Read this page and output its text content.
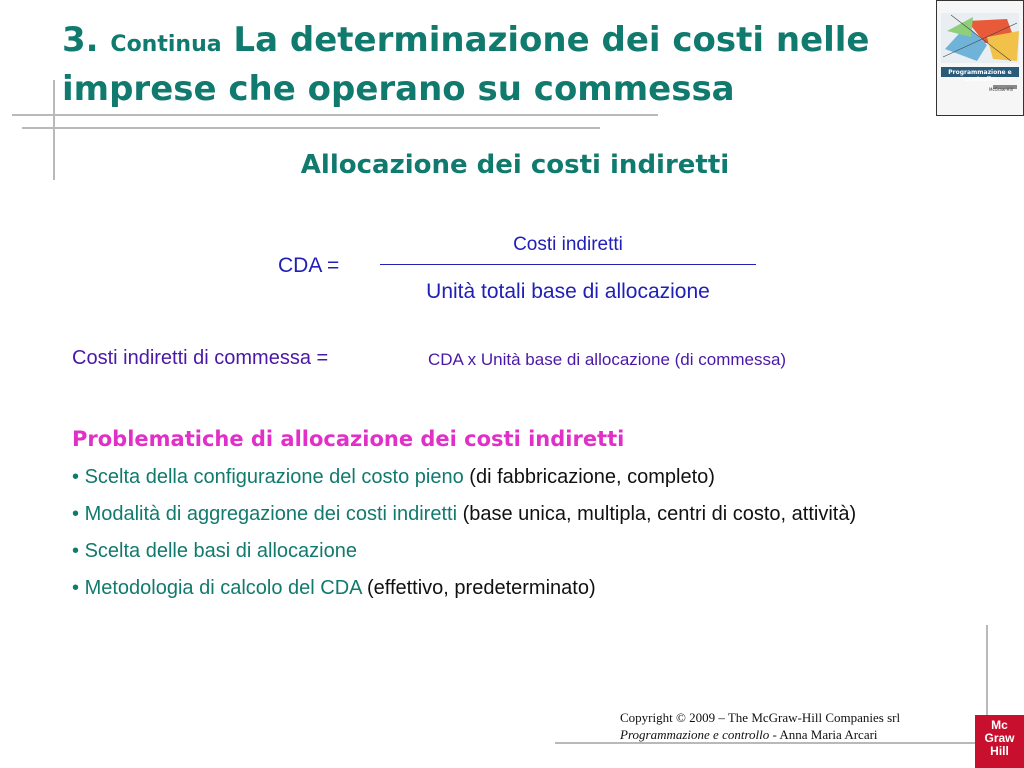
3. Continua La determinazione dei costi nelle imprese che operano su commessa	Programmazione e controllo
McGraw-Hill
Allocazione dei costi indiretti
CDA =
Costi indiretti
Unità totali base di allocazione
Costi indiretti di commessa =	CDA x Unità base di allocazione (di commessa)
Problematiche di allocazione dei costi indiretti
• Scelta della configurazione del costo pieno (di fabbricazione, completo)
• Modalità di aggregazione dei costi indiretti (base unica, multipla, centri di costo, attività)
• Scelta delle basi di allocazione
• Metodologia di calcolo del CDA (effettivo, predeterminato)
Copyright © 2009 – The McGraw-Hill Companies srl
Programmazione e controllo - Anna Maria Arcari
Mc
Graw
Hill
